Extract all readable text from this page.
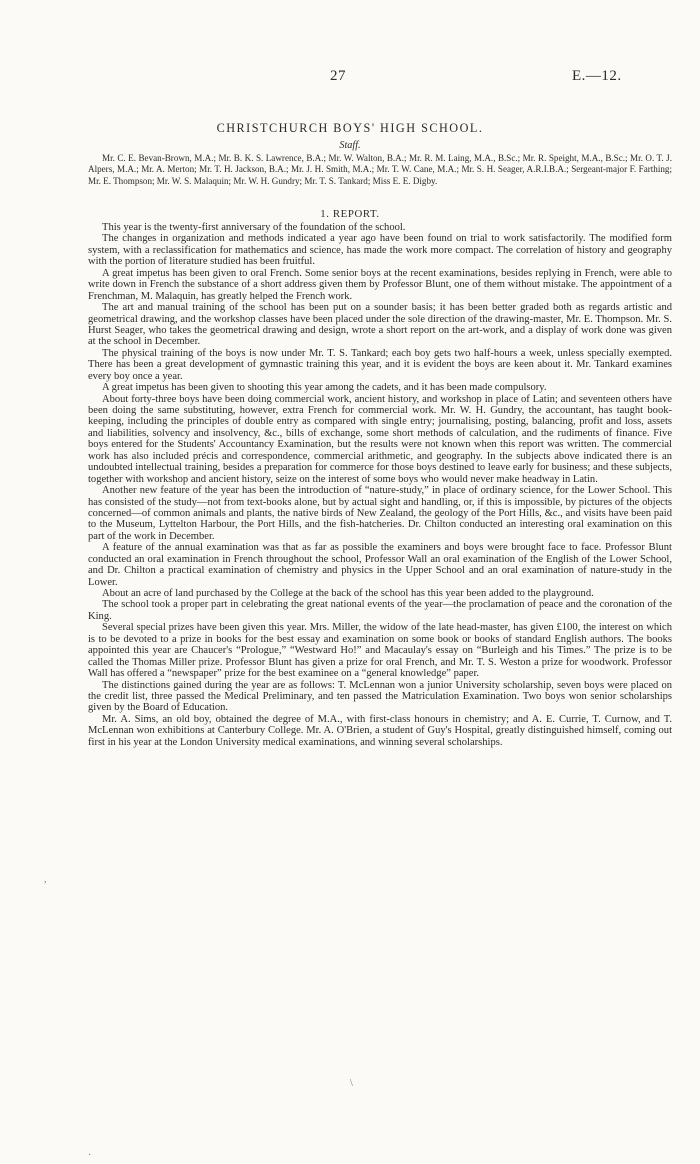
27	E.—12.
CHRISTCHURCH BOYS' HIGH SCHOOL.
Staff.
Mr. C. E. Bevan-Brown, M.A.; Mr. B. K. S. Lawrence, B.A.; Mr. W. Walton, B.A.; Mr. R. M. Laing, M.A., B.Sc.; Mr. R. Speight, M.A., B.Sc.; Mr. O. T. J. Alpers, M.A.; Mr. A. Merton; Mr. T. H. Jackson, B.A.; Mr. J. H. Smith, M.A.; Mr. T. W. Cane, M.A.; Mr. S. H. Seager, A.R.I.B.A.; Sergeant-major F. Farthing; Mr. E. Thompson; Mr. W. S. Malaquin; Mr. W. H. Gundry; Mr. T. S. Tankard; Miss E. E. Digby.
1. REPORT.

This year is the twenty-first anniversary of the foundation of the school.

The changes in organization and methods indicated a year ago have been found on trial to work satisfactorily. The modified form system, with a reclassification for mathematics and science, has made the work more compact. The correlation of history and geography with the portion of literature studied has been fruitful.

A great impetus has been given to oral French. Some senior boys at the recent examinations, besides replying in French, were able to write down in French the substance of a short address given them by Professor Blunt, one of them without mistake. The appointment of a Frenchman, M. Malaquin, has greatly helped the French work.

The art and manual training of the school has been put on a sounder basis; it has been better graded both as regards artistic and geometrical drawing, and the workshop classes have been placed under the sole direction of the drawing-master, Mr. E. Thompson. Mr. S. Hurst Seager, who takes the geometrical drawing and design, wrote a short report on the art-work, and a display of work done was given at the school in December.

The physical training of the boys is now under Mr. T. S. Tankard; each boy gets two half-hours a week, unless specially exempted. There has been a great development of gymnastic training this year, and it is evident the boys are keen about it. Mr. Tankard examines every boy once a year.

A great impetus has been given to shooting this year among the cadets, and it has been made compulsory.

About forty-three boys have been doing commercial work, ancient history, and workshop in place of Latin; and seventeen others have been doing the same substituting, however, extra French for commercial work. Mr. W. H. Gundry, the accountant, has taught book-keeping, including the principles of double entry as compared with single entry; journalising, posting, balancing, profit and loss, assets and liabilities, solvency and insolvency, &c., bills of exchange, some short methods of calculation, and the rudiments of finance. Five boys entered for the Students' Accountancy Examination, but the results were not known when this report was written. The commercial work has also included précis and correspondence, commercial arithmetic, and geography. In the subjects above indicated there is an undoubted intellectual training, besides a preparation for commerce for those boys destined to leave early for business; and these subjects, together with workshop and ancient history, seize on the interest of some boys who would never make headway in Latin.

Another new feature of the year has been the introduction of “nature-study,” in place of ordinary science, for the Lower School. This has consisted of the study—not from text-books alone, but by actual sight and handling, or, if this is impossible, by pictures of the objects concerned—of common animals and plants, the native birds of New Zealand, the geology of the Port Hills, &c., and visits have been paid to the Museum, Lyttelton Harbour, the Port Hills, and the fish-hatcheries. Dr. Chilton conducted an interesting oral examination on this part of the work in December.

A feature of the annual examination was that as far as possible the examiners and boys were brought face to face. Professor Blunt conducted an oral examination in French throughout the school, Professor Wall an oral examination of the English of the Lower School, and Dr. Chilton a practical examination of chemistry and physics in the Upper School and an oral examination of nature-study in the Lower.

About an acre of land purchased by the College at the back of the school has this year been added to the playground.

The school took a proper part in celebrating the great national events of the year—the proclamation of peace and the coronation of the King.

Several special prizes have been given this year. Mrs. Miller, the widow of the late head-master, has given £100, the interest on which is to be devoted to a prize in books for the best essay and examination on some book or books of standard English authors. The books appointed this year are Chaucer's “Prologue,” “Westward Ho!” and Macaulay's essay on “Burleigh and his Times.” The prize is to be called the Thomas Miller prize. Professor Blunt has given a prize for oral French, and Mr. T. S. Weston a prize for woodwork. Professor Wall has offered a “newspaper” prize for the best examinee on a “general knowledge” paper.

The distinctions gained during the year are as follows: T. McLennan won a junior University scholarship, seven boys were placed on the credit list, three passed the Medical Preliminary, and ten passed the Matriculation Examination. Two boys won senior scholarships given by the Board of Education.

Mr. A. Sims, an old boy, obtained the degree of M.A., with first-class honours in chemistry; and A. E. Currie, T. Curnow, and T. McLennan won exhibitions at Canterbury College. Mr. A. O'Brien, a student of Guy's Hospital, greatly distinguished himself, coming out first in his year at the London University medical examinations, and winning several scholarships.

,
\
·
